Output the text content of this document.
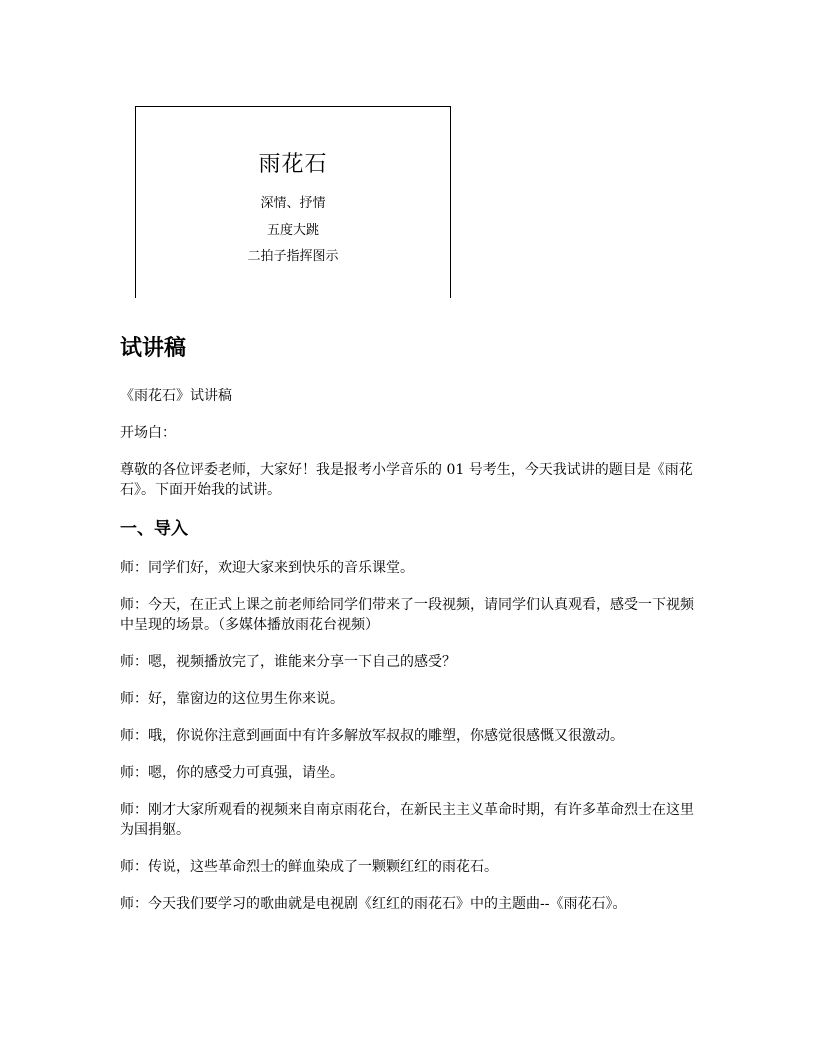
雨花石
深情、抒情
五度大跳
二拍子指挥图示
试讲稿

《雨花石》试讲稿

开场白：

尊敬的各位评委老师，大家好！我是报考小学音乐的 01 号考生，今天我试讲的题目是《雨花石》。下面开始我的试讲。

一、导入

师：同学们好，欢迎大家来到快乐的音乐课堂。

师：今天，在正式上课之前老师给同学们带来了一段视频，请同学们认真观看，感受一下视频中呈现的场景。（多媒体播放雨花台视频）

师：嗯，视频播放完了，谁能来分享一下自己的感受？

师：好，靠窗边的这位男生你来说。

师：哦，你说你注意到画面中有许多解放军叔叔的雕塑，你感觉很感慨又很激动。

师：嗯，你的感受力可真强，请坐。

师：刚才大家所观看的视频来自南京雨花台，在新民主主义革命时期，有许多革命烈士在这里为国捐躯。

师：传说，这些革命烈士的鲜血染成了一颗颗红红的雨花石。

师：今天我们要学习的歌曲就是电视剧《红红的雨花石》中的主题曲--《雨花石》。
